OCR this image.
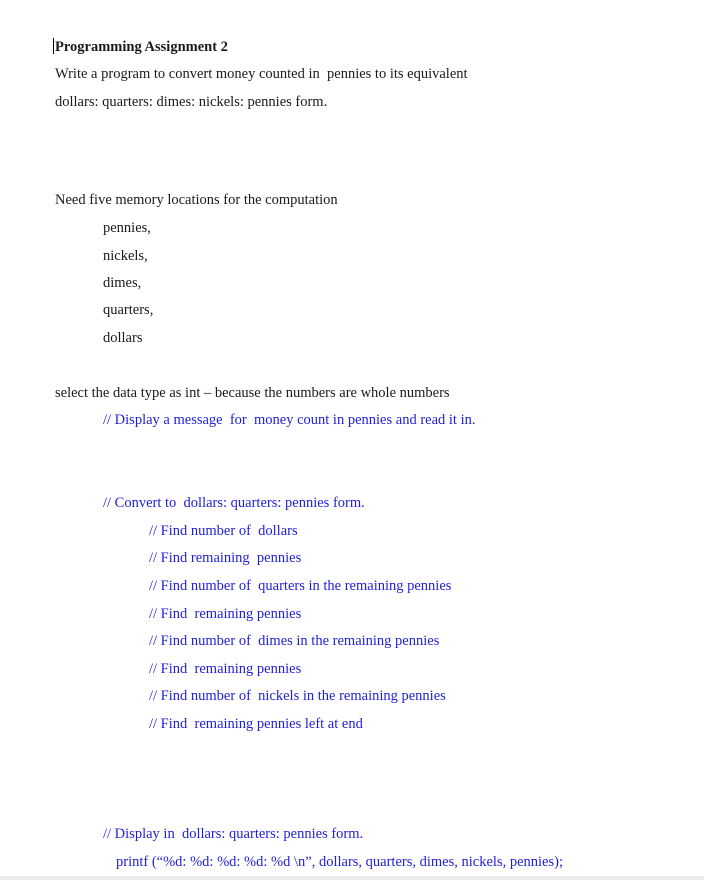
Programming Assignment 2
Write a program to convert money counted in  pennies to its equivalent
dollars: quarters: dimes: nickels: pennies form.
Need five memory locations for the computation
pennies,
nickels,
dimes,
quarters,
dollars
select the data type as int – because the numbers are whole numbers
// Display a message  for  money count in pennies and read it in.
// Convert to  dollars: quarters: pennies form.
// Find number of  dollars
// Find remaining  pennies
// Find number of  quarters in the remaining pennies
// Find  remaining pennies
// Find number of  dimes in the remaining pennies
// Find  remaining pennies
// Find number of  nickels in the remaining pennies
// Find  remaining pennies left at end
// Display in  dollars: quarters: pennies form.
printf (“%d: %d: %d: %d: %d \n”, dollars, quarters, dimes, nickels, pennies);
